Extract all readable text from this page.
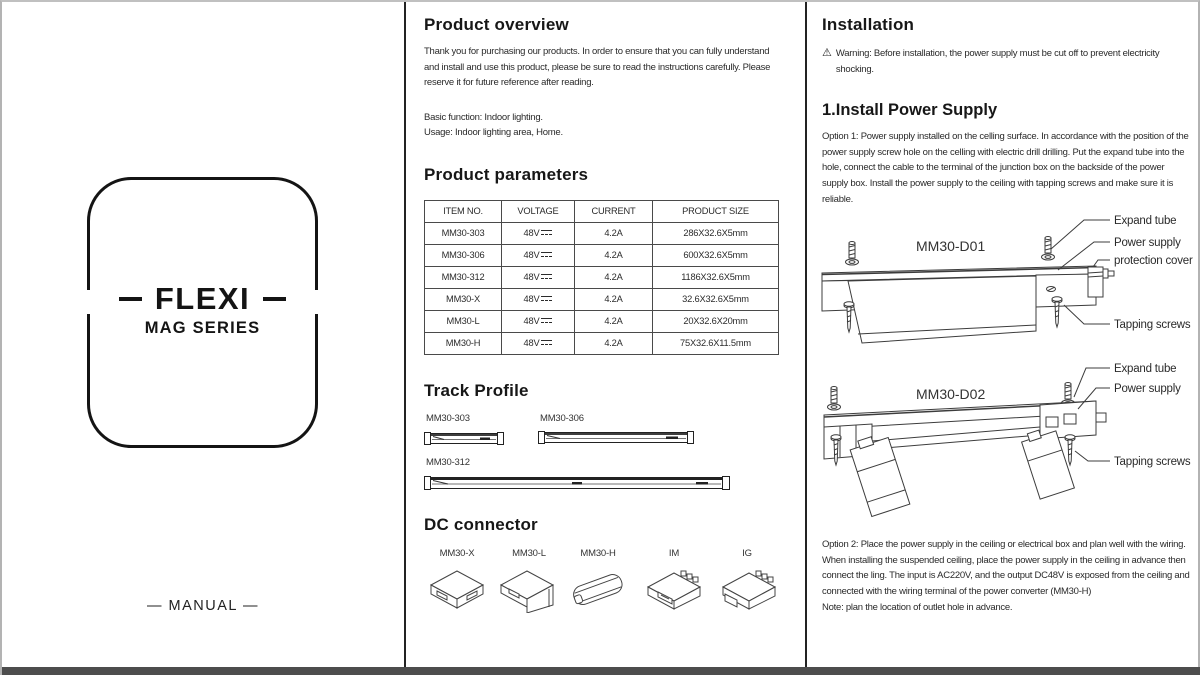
FLEXI
MAG SERIES
— MANUAL —
Product overview
Thank you for purchasing our products. In order to ensure that you can fully understand and install and use this product, please be sure to read the instructions carefully. Please reserve it for future reference after reading.
Basic function: Indoor lighting.
Usage: Indoor lighting area, Home.
Product parameters
ITEM NO.	VOLTAGE	CURRENT	PRODUCT SIZE
MM30-303	48V	4.2A	286X32.6X5mm
MM30-306	48V	4.2A	600X32.6X5mm
MM30-312	48V	4.2A	1186X32.6X5mm
MM30-X	48V	4.2A	32.6X32.6X5mm
MM30-L	48V	4.2A	20X32.6X20mm
MM30-H	48V	4.2A	75X32.6X11.5mm
Track Profile
MM30-303	MM30-306
MM30-312
DC connector
MM30-X	MM30-L	MM30-H	IM	IG
Installation
⚠ Warning: Before installation, the power supply must be cut off to prevent electricity shocking.
1.Install Power Supply
Option 1: Power supply installed on the celling surface. In accordance with the position of the power supply screw hole on the celling with electric drill drilling. Put the expand tube into the hole, connect the cable to the terminal of the junction box on the backside of the power supply box. Install the power supply to the ceiling with tapping screws and make sure it is reliable.
MM30-D01
Expand tube
Power supply
protection cover
Tapping screws
MM30-D02
Expand tube
Power supply
Tapping screws
Option 2: Place the power supply in the ceiling or electrical box and plan well with the wiring. When installing the suspended ceiling, place the power supply in the ceiling in advance then connect the ling. The input is AC220V, and the output DC48V is exposed from the ceiling and connected with the wiring terminal of the power converter (MM30-H)
Note: plan the location of outlet hole in advance.
